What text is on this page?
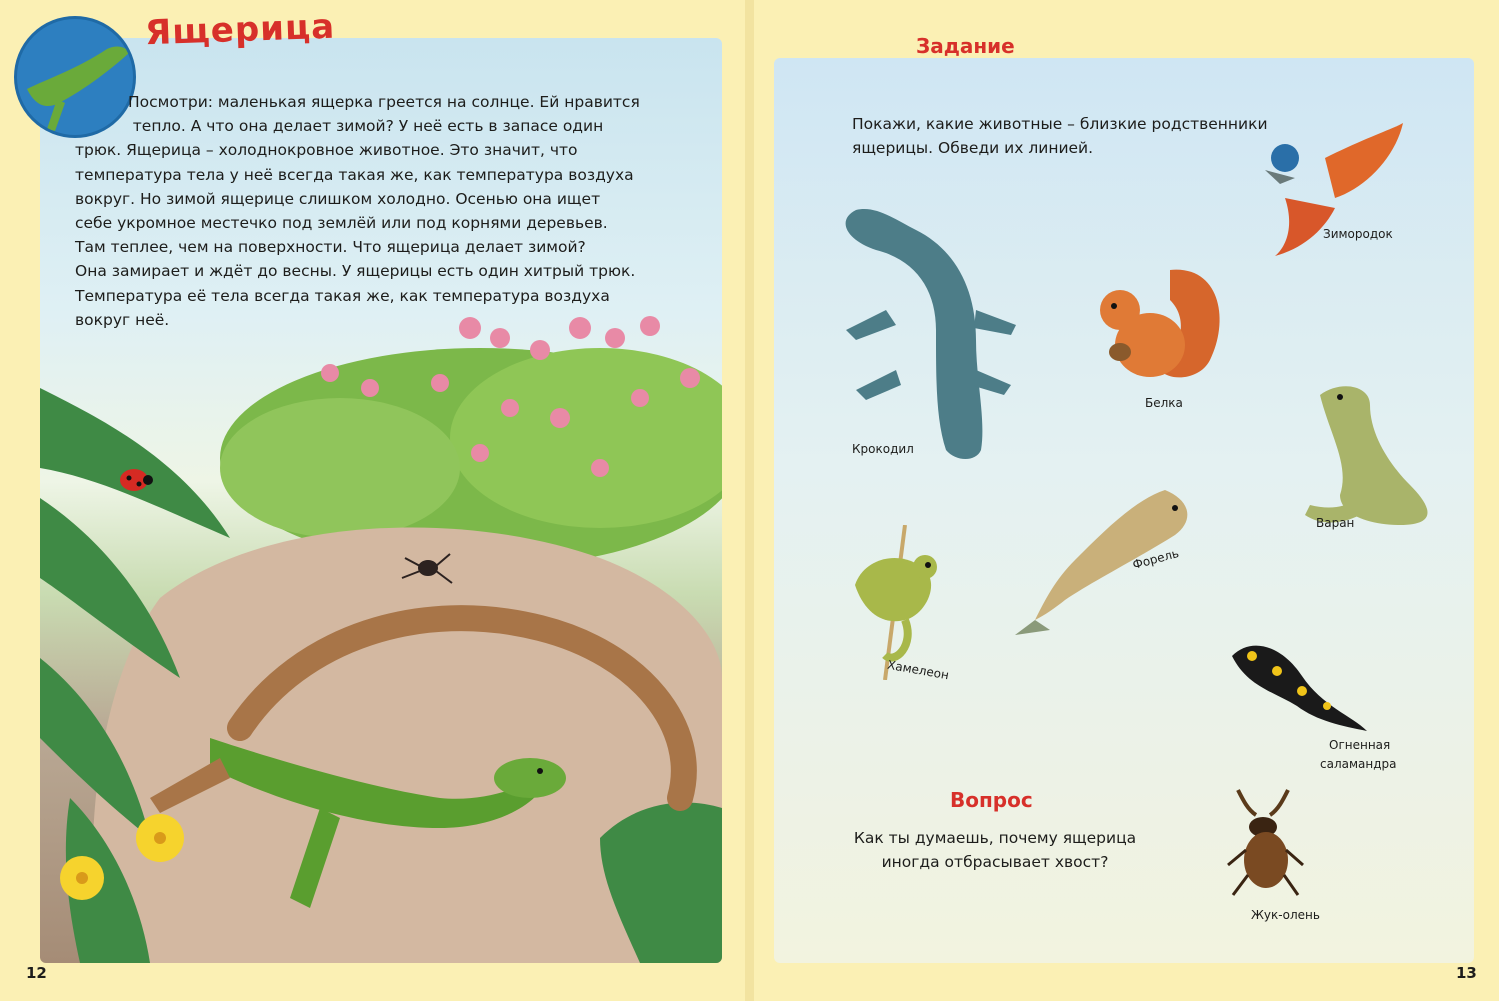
Ящерица

Посмотри: маленькая ящерка греется на солнце. Ей нравится

тепло. А что она делает зимой? У неё есть в запасе один

трюк. Ящерица – холоднокровное животное. Это значит, что

температура тела у неё всегда такая же, как температура воздуха

вокруг. Но зимой ящерице слишком холодно. Осенью она ищет

себе укромное местечко под землёй или под корнями деревьев.

Там теплее, чем на поверхности. Что ящерица делает зимой?

Она замирает и ждёт до весны. У ящерицы есть один хитрый трюк.

Температура её тела всегда такая же, как температура воздуха

вокруг неё.

12
Задание
Покажи, какие животные – близкие родственники ящерицы. Обведи их линией.
Крокодил
Зимородок
Белка
Варан
Форель
Хамелеон
Огненная
саламандра
Жук-олень
Вопрос
Как ты думаешь, почему ящерица иногда отбрасывает хвост?
13
